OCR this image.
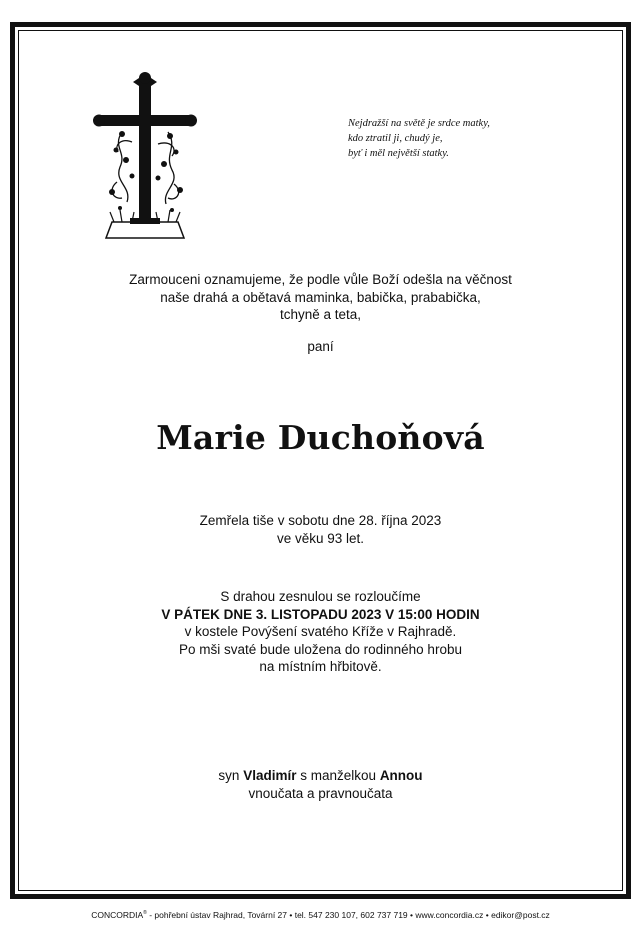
Nejdražší na světě je srdce matky,
kdo ztratil ji, chudý je,
byť i měl největší statky.
Zarmouceni oznamujeme, že podle vůle Boží odešla na věčnost
naše drahá a obětavá maminka, babička, prababička,
tchyně a teta,
paní
Marie Duchoňová
Zemřela tiše v sobotu dne 28. října 2023
ve věku 93 let.
S drahou zesnulou se rozloučíme
V PÁTEK DNE 3. LISTOPADU 2023 V 15:00 HODIN
v kostele Povýšení svatého Kříže v Rajhradě.
Po mši svaté bude uložena do rodinného hrobu
na místním hřbitově.
syn Vladimír s manželkou Annou
vnoučata a pravnoučata
CONCORDIA® - pohřební ústav Rajhrad, Tovární 27 • tel. 547 230 107, 602 737 719 • www.concordia.cz • edikor@post.cz
